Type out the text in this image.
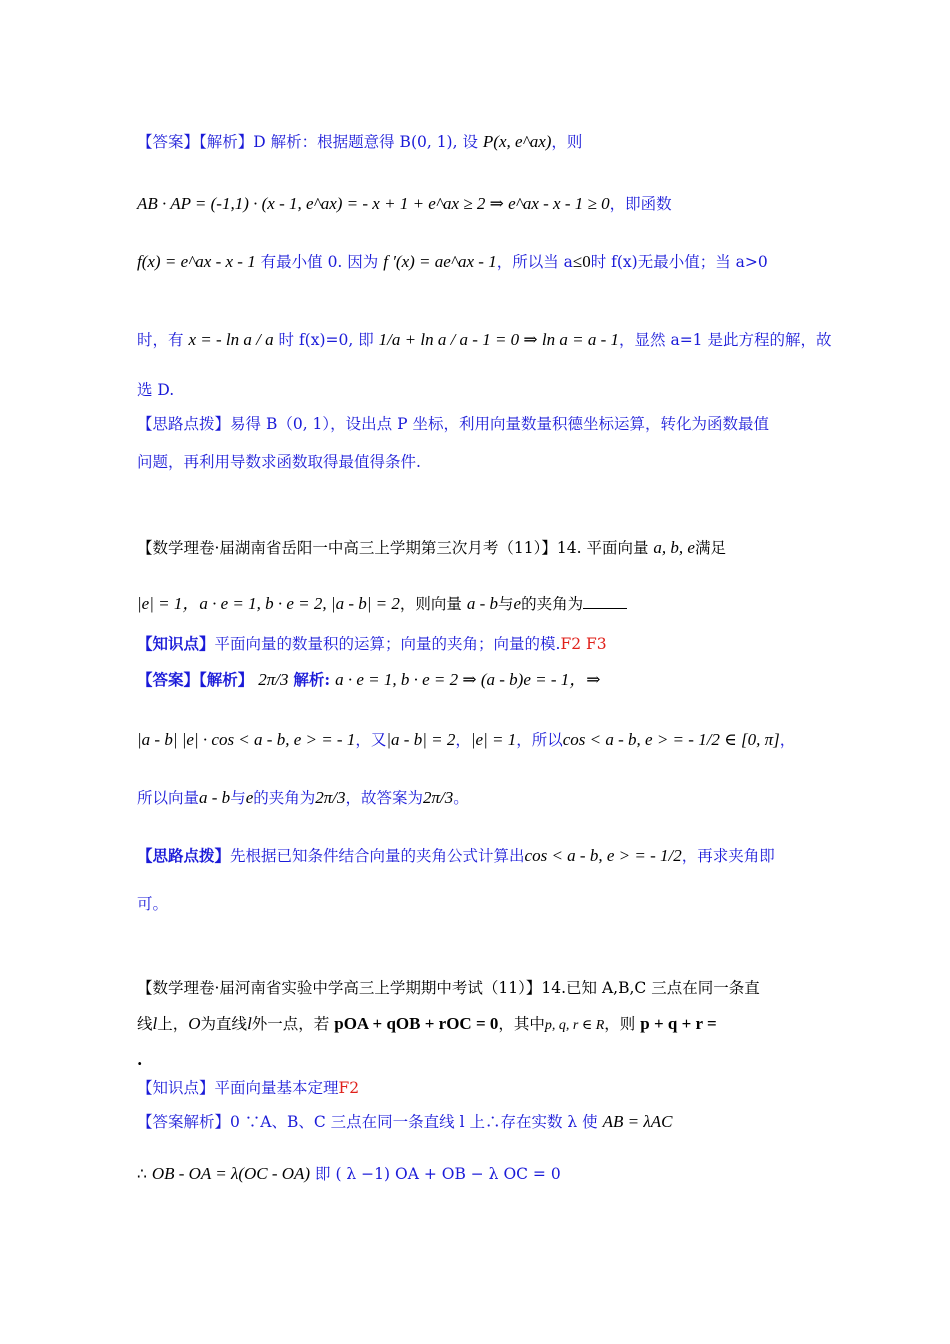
【答案】【解析】D 解析：根据题意得 B(0, 1), 设 P(x, e^ax)，则
AB · AP = (-1,1) · (x - 1, e^ax) = - x + 1 + e^ax ≥ 2 ⇒ e^ax - x - 1 ≥ 0，即函数
f(x) = e^ax - x - 1 有最小值 0. 因为 f ′(x) = ae^ax - 1，所以当 a≤0时 f(x)无最小值；当 a>0
时，有 x = - ln a / a 时 f(x)=0, 即 1/a + ln a / a - 1 = 0 ⇒ ln a = a - 1，显然 a=1 是此方程的解，故
选 D.
【思路点拨】易得 B（0, 1），设出点 P 坐标，利用向量数量积德坐标运算，转化为函数最值
问题，再利用导数求函数取得最值得条件.
【数学理卷·届湖南省岳阳一中高三上学期第三次月考（11）】14. 平面向量 a, b, e满足
|e| = 1，a · e = 1, b · e = 2, |a - b| = 2，则向量 a - b与e的夹角为
【知识点】平面向量的数量积的运算；向量的夹角；向量的模.F2 F3
【答案】【解析】 2π/3 解析: a · e = 1, b · e = 2 ⇒ (a - b)e = - 1，⇒
|a - b| |e| · cos < a - b, e > = - 1，又|a - b| = 2，|e| = 1，所以cos < a - b, e > = - 1/2 ∈ [0, π]，
所以向量a - b与e的夹角为2π/3，故答案为2π/3。
【思路点拨】先根据已知条件结合向量的夹角公式计算出cos < a - b, e > = - 1/2，再求夹角即
可。
【数学理卷·届河南省实验中学高三上学期期中考试（11）】14.已知 A,B,C 三点在同一条直
线l上，O为直线l外一点，若 pOA + qOB + rOC = 0，其中p, q, r ∈ R，则 p + q + r =
.
【知识点】平面向量基本定理F2
【答案解析】0 ∵A、B、C 三点在同一条直线 l 上∴存在实数 λ 使 AB = λAC
∴ OB - OA = λ(OC - OA) 即 ( λ −1) OA + OB − λ OC = 0
